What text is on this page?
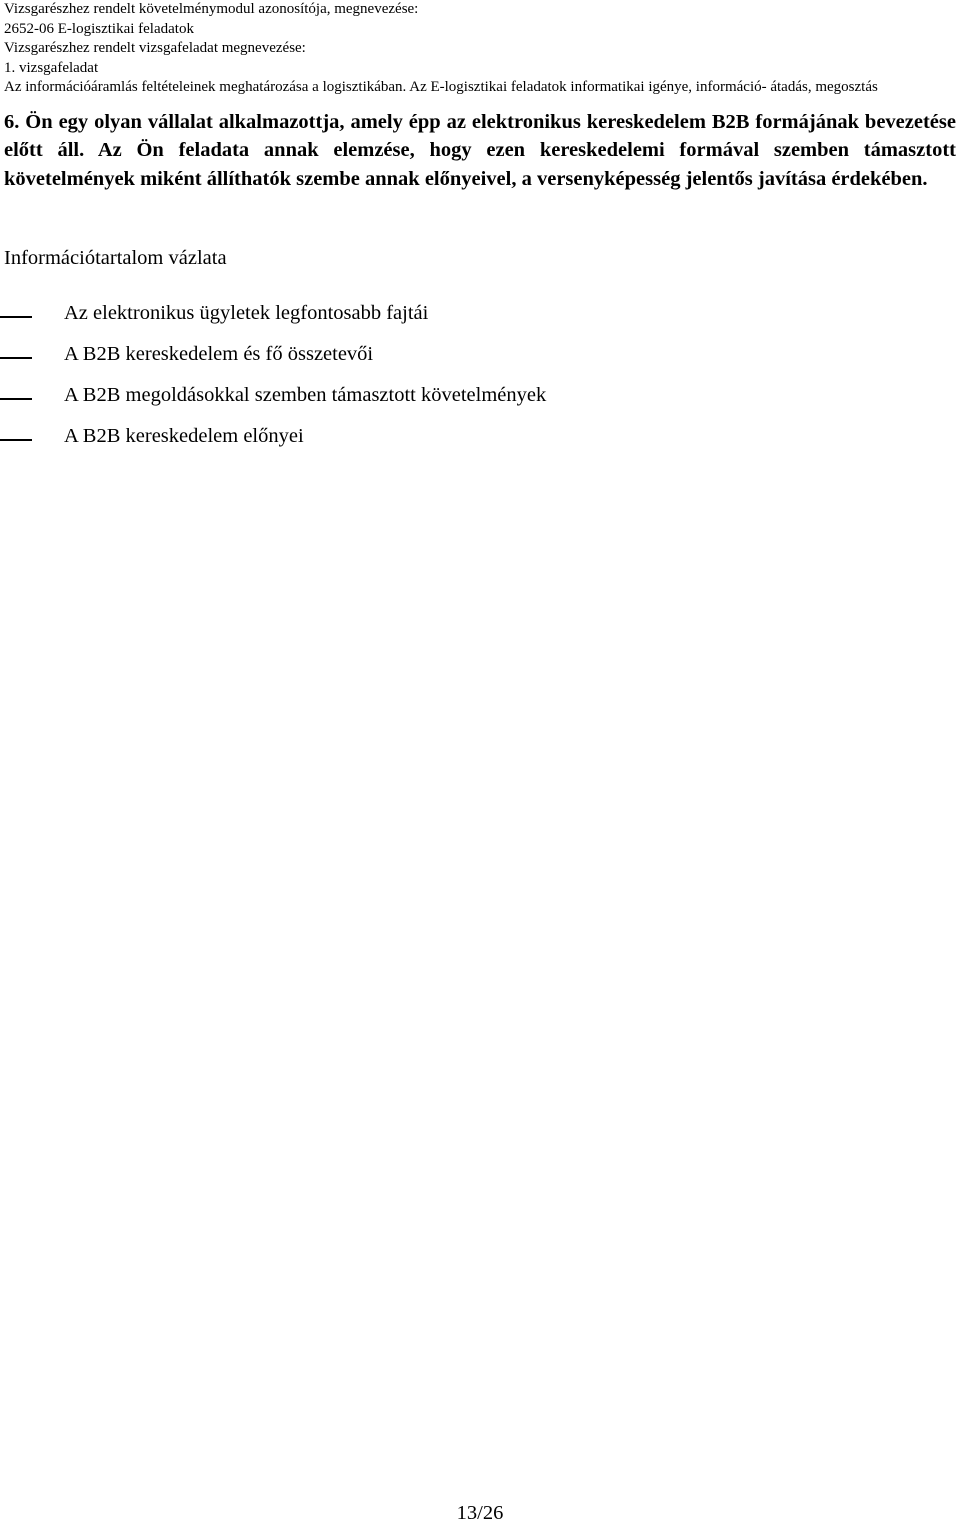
Vizsgarészhez rendelt követelménymodul azonosítója, megnevezése:
2652-06 E-logisztikai feladatok
Vizsgarészhez rendelt vizsgafeladat megnevezése:
1. vizsgafeladat
Az információáramlás feltételeinek meghatározása a logisztikában. Az E-logisztikai feladatok informatikai igénye, információ- átadás, megosztás
6. Ön egy olyan vállalat alkalmazottja, amely épp az elektronikus kereskedelem B2B formájának bevezetése előtt áll. Az Ön feladata annak elemzése, hogy ezen kereskedelemi formával szemben támasztott követelmények miként állíthatók szembe annak előnyeivel, a versenyképesség jelentős javítása érdekében.
Információtartalom vázlata
Az elektronikus ügyletek legfontosabb fajtái
A B2B kereskedelem és fő összetevői
A B2B megoldásokkal szemben támasztott követelmények
A B2B kereskedelem előnyei
13/26
